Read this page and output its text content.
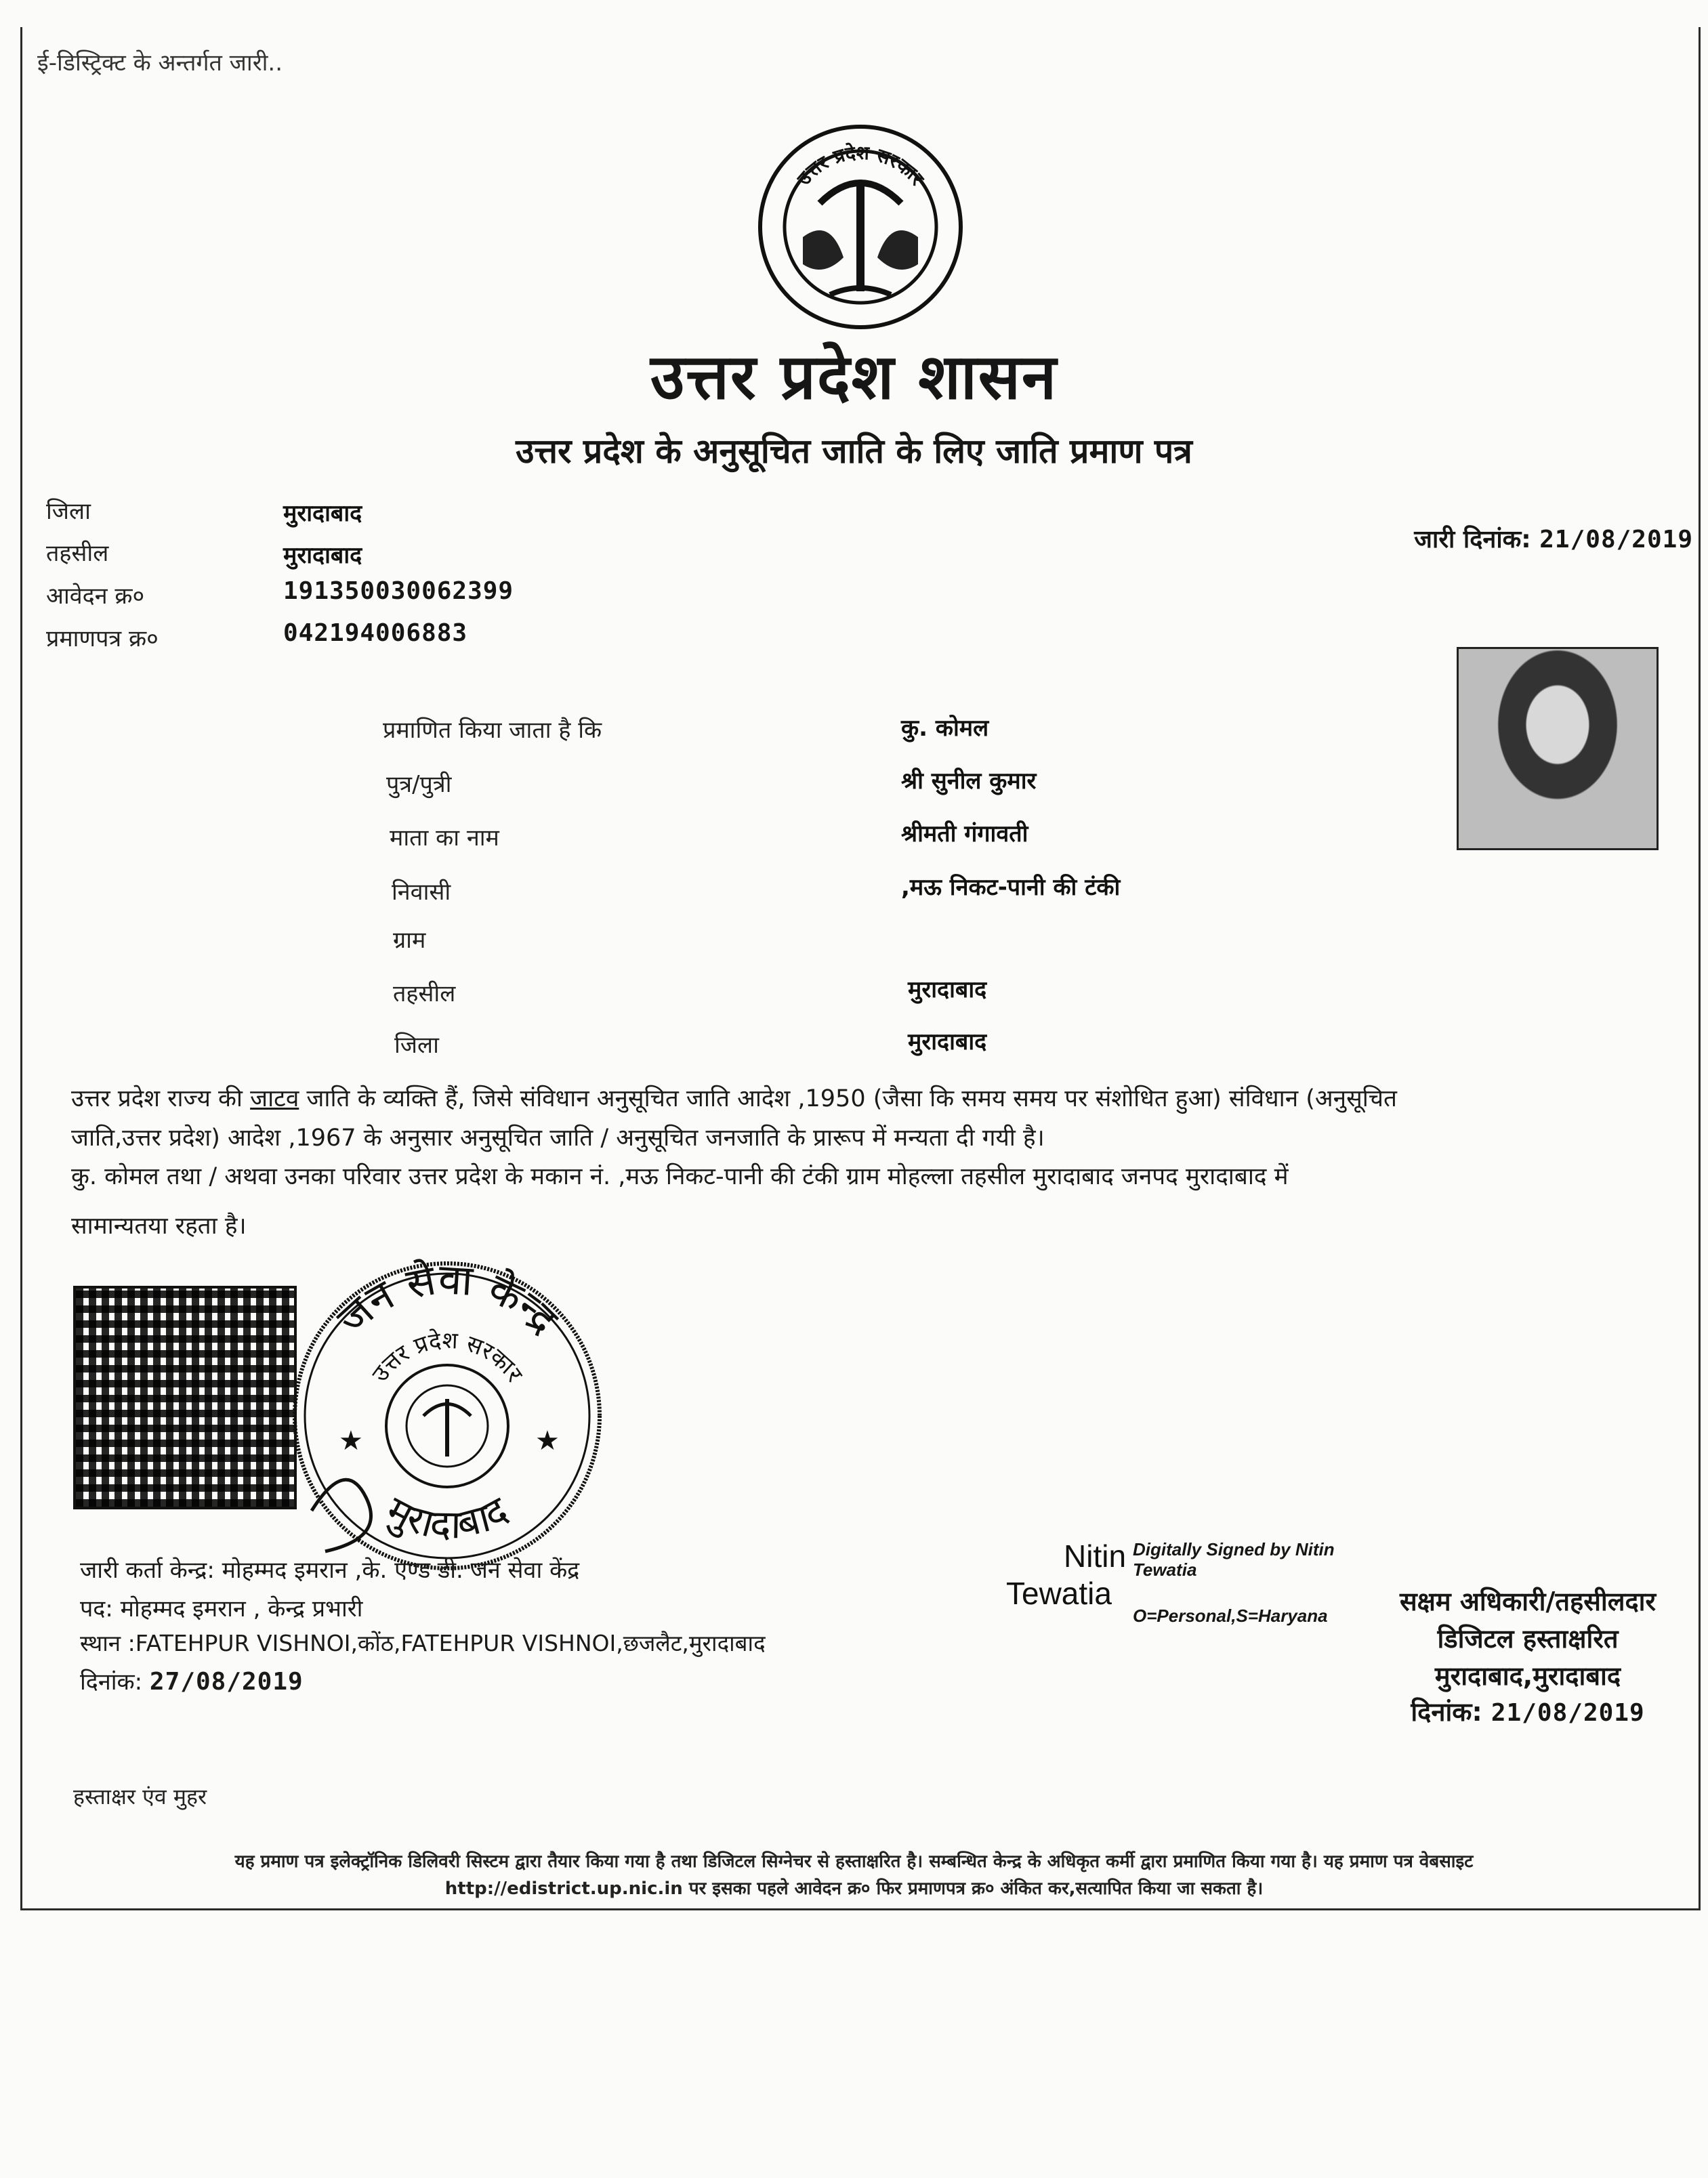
ई-डिस्ट्रिक्ट के अन्तर्गत जारी..
उत्तर प्रदेश सरकार
उत्तर प्रदेश शासन
उत्तर प्रदेश के अनुसूचित जाति के लिए जाति प्रमाण पत्र
जिला	मुरादाबाद
तहसील	मुरादाबाद
आवेदन क्र०	191350030062399
प्रमाणपत्र क्र०	042194006883
जारी दिनांक: 21/08/2019
प्रमाणित किया जाता है कि	कु. कोमल
पुत्र/पुत्री	श्री सुनील कुमार
माता का नाम	श्रीमती गंगावती
निवासी	,मऊ निकट-पानी की टंकी
ग्राम
तहसील	मुरादाबाद
जिला	मुरादाबाद
उत्तर प्रदेश राज्य की जाटव जाति के व्यक्ति हैं, जिसे संविधान अनुसूचित जाति आदेश ,1950 (जैसा कि समय समय पर संशोधित हुआ) संविधान (अनुसूचित
जाति,उत्तर प्रदेश) आदेश ,1967 के अनुसार अनुसूचित जाति / अनुसूचित जनजाति के प्रारूप में मन्यता दी गयी है।
कु. कोमल तथा / अथवा उनका परिवार उत्तर प्रदेश के मकान नं. ,मऊ निकट-पानी की टंकी ग्राम मोहल्ला तहसील मुरादाबाद जनपद मुरादाबाद में
सामान्यतया रहता है।
★	★
जन सेवा केन्द्र
उत्तर प्रदेश सरकार
मुरादाबाद
जारी कर्ता केन्द्र: मोहम्मद इमरान ,के. एण्ड डी. जन सेवा केंद्र
पद: मोहम्मद इमरान , केन्द्र प्रभारी
स्थान :FATEHPUR VISHNOI,कोंठ,FATEHPUR VISHNOI,छजलैट,मुरादाबाद
दिनांक: 27/08/2019
Nitin Digitally Signed by Nitin
Tewatia
Tewatia
O=Personal,S=Haryana	सक्षम अधिकारी/तहसीलदार
डिजिटल हस्ताक्षरित
मुरादाबाद,मुरादाबाद
दिनांक: 21/08/2019
हस्ताक्षर एंव मुहर
यह प्रमाण पत्र इलेक्ट्रॉनिक डिलिवरी सिस्टम द्वारा तैयार किया गया है तथा डिजिटल सिग्नेचर से हस्ताक्षरित है। सम्बन्धित केन्द्र के अधिकृत कर्मी द्वारा प्रमाणित किया गया है। यह प्रमाण पत्र वेबसाइट
http://edistrict.up.nic.in पर इसका पहले आवेदन क्र० फिर प्रमाणपत्र क्र० अंकित कर,सत्यापित किया जा सकता है।
